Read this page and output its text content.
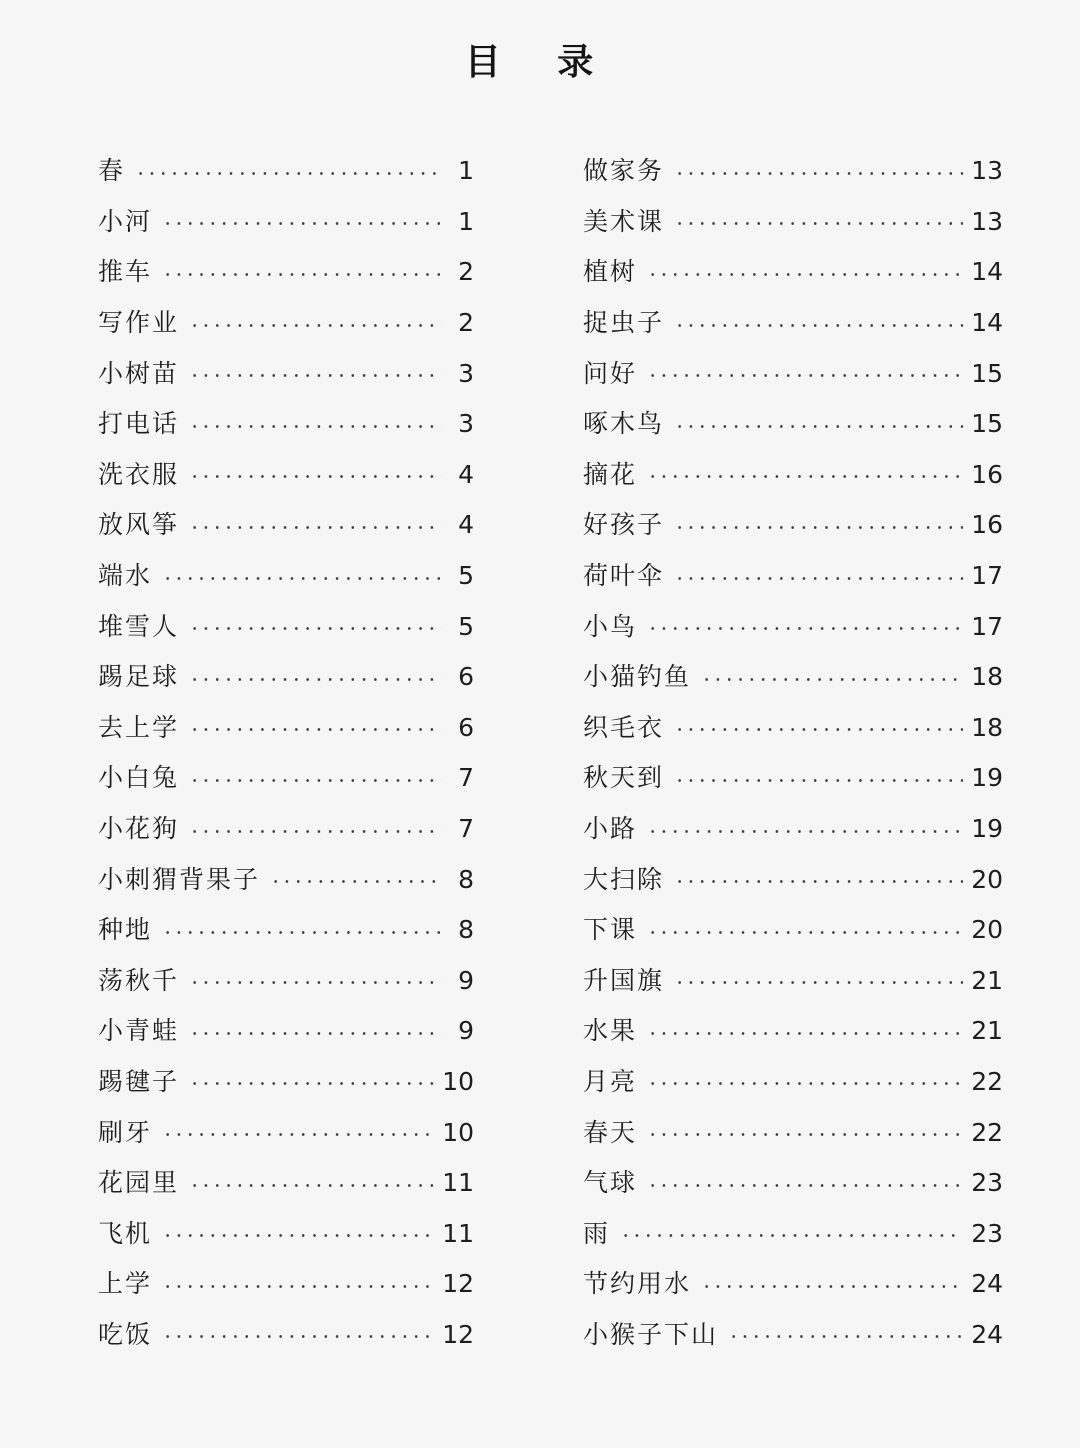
目 录
春	1
小河	1
推车	2
写作业	2
小树苗	3
打电话	3
洗衣服	4
放风筝	4
端水	5
堆雪人	5
踢足球	6
去上学	6
小白兔	7
小花狗	7
小刺猬背果子	8
种地	8
荡秋千	9
小青蛙	9
踢毽子	10
刷牙	10
花园里	11
飞机	11
上学	12
吃饭	12
做家务	13
美术课	13
植树	14
捉虫子	14
问好	15
啄木鸟	15
摘花	16
好孩子	16
荷叶伞	17
小鸟	17
小猫钓鱼	18
织毛衣	18
秋天到	19
小路	19
大扫除	20
下课	20
升国旗	21
水果	21
月亮	22
春天	22
气球	23
雨	23
节约用水	24
小猴子下山	24
